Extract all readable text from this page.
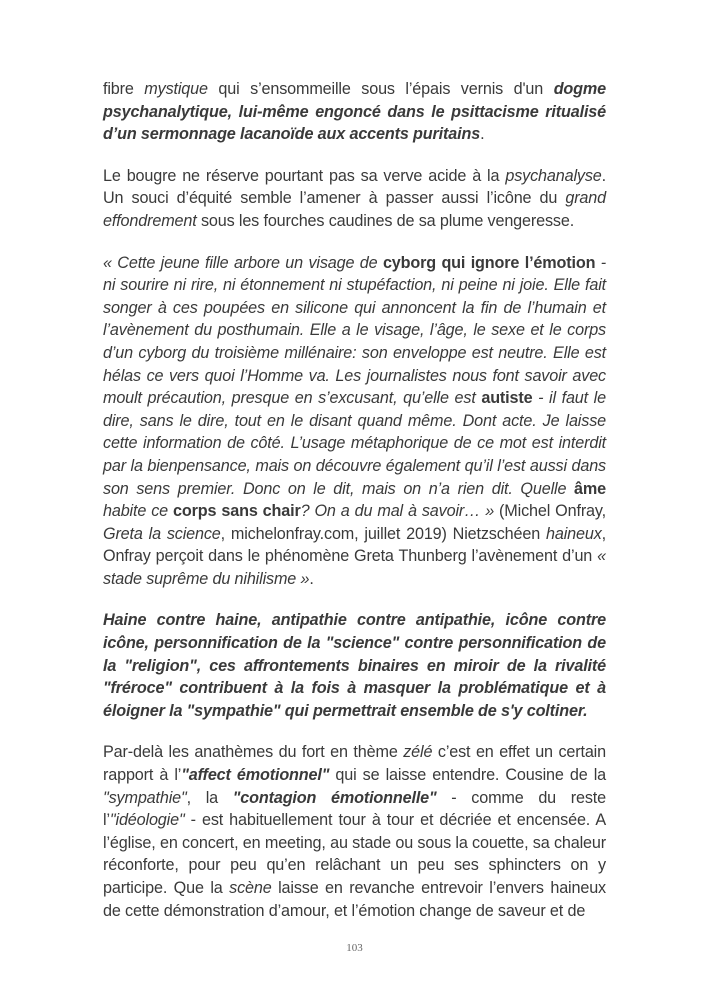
fibre mystique qui s’ensommeille sous l’épais vernis d'un dogme psychanalytique, lui-même engoncé dans le psittacisme ritualisé d’un sermonnage lacanoïde aux accents puritains.

Le bougre ne réserve pourtant pas sa verve acide à la psychanalyse. Un souci d’équité semble l’amener à passer aussi l’icône du grand effondrement sous les fourches caudines de sa plume vengeresse.

« Cette jeune fille arbore un visage de cyborg qui ignore l’émotion - ni sourire ni rire, ni étonnement ni stupéfaction, ni peine ni joie. Elle fait songer à ces poupées en silicone qui annoncent la fin de l’humain et l’avènement du posthumain. Elle a le visage, l’âge, le sexe et le corps d’un cyborg du troisième millénaire: son enveloppe est neutre. Elle est hélas ce vers quoi l’Homme va. Les journalistes nous font savoir avec moult précaution, presque en s’excusant, qu’elle est autiste - il faut le dire, sans le dire, tout en le disant quand même. Dont acte. Je laisse cette information de côté. L’usage métaphorique de ce mot est interdit par la bienpensance, mais on découvre également qu’il l’est aussi dans son sens premier. Donc on le dit, mais on n’a rien dit. Quelle âme habite ce corps sans chair? On a du mal à savoir… » (Michel Onfray, Greta la science, michelonfray.com, juillet 2019) Nietzschéen haineux, Onfray perçoit dans le phénomène Greta Thunberg l’avènement d’un « stade suprême du nihilisme ».

Haine contre haine, antipathie contre antipathie, icône contre icône, personnification de la "science" contre personnification de la "religion", ces affrontements binaires en miroir de la rivalité "fréroce" contribuent à la fois à masquer la problématique et à éloigner la "sympathie" qui permettrait ensemble de s'y coltiner.

Par-delà les anathèmes du fort en thème zélé c’est en effet un certain rapport à l’"affect émotionnel" qui se laisse entendre. Cousine de la "sympathie", la "contagion émotionnelle" - comme du reste l’"idéologie" - est habituellement tour à tour et décriée et encensée. A l’église, en concert, en meeting, au stade ou sous la couette, sa chaleur réconforte, pour peu qu’en relâchant un peu ses sphincters on y participe. Que la scène laisse en revanche entrevoir l’envers haineux de cette démonstration d’amour, et l’émotion change de saveur et de

103
